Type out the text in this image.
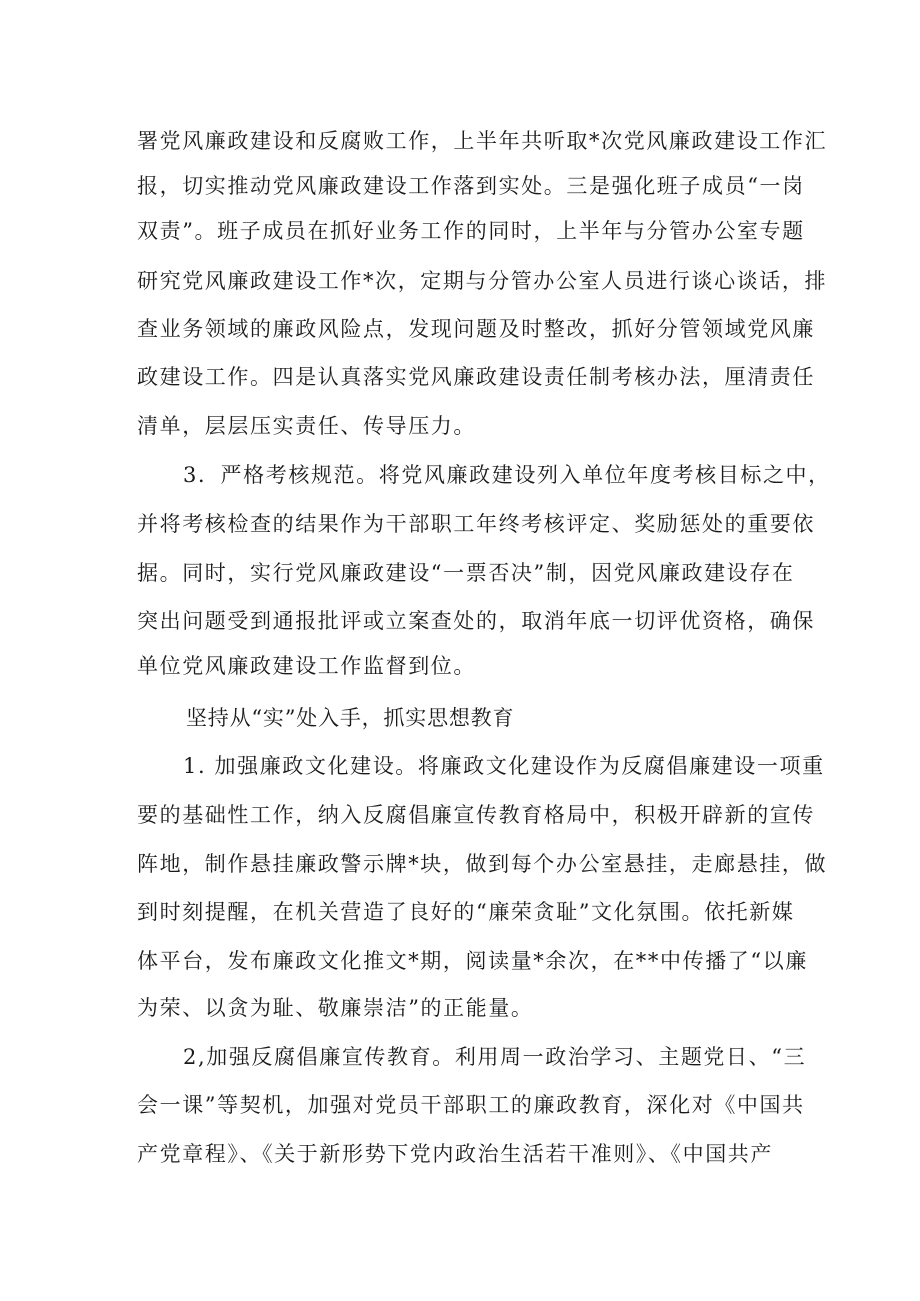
署党风廉政建设和反腐败工作，上半年共听取*次党风廉政建设工作汇
报，切实推动党风廉政建设工作落到实处。三是强化班子成员“一岗
双责”。班子成员在抓好业务工作的同时，上半年与分管办公室专题
研究党风廉政建设工作*次，定期与分管办公室人员进行谈心谈话，排
查业务领域的廉政风险点，发现问题及时整改，抓好分管领域党风廉
政建设工作。四是认真落实党风廉政建设责任制考核办法，厘清责任
清单，层层压实责任、传导压力。
3．严格考核规范。将党风廉政建设列入单位年度考核目标之中，
并将考核检查的结果作为干部职工年终考核评定、奖励惩处的重要依
据。同时，实行党风廉政建设“一票否决”制，因党风廉政建设存在
突出问题受到通报批评或立案查处的，取消年底一切评优资格，确保
单位党风廉政建设工作监督到位。
坚持从“实”处入手，抓实思想教育
1. 加强廉政文化建设。将廉政文化建设作为反腐倡廉建设一项重
要的基础性工作，纳入反腐倡廉宣传教育格局中，积极开辟新的宣传
阵地，制作悬挂廉政警示牌*块，做到每个办公室悬挂，走廊悬挂，做
到时刻提醒，在机关营造了良好的“廉荣贪耻”文化氛围。依托新媒
体平台，发布廉政文化推文*期，阅读量*余次，在**中传播了“以廉
为荣、以贪为耻、敬廉崇洁”的正能量。
2,加强反腐倡廉宣传教育。利用周一政治学习、主题党日、“三
会一课”等契机，加强对党员干部职工的廉政教育，深化对《中国共
产党章程》、《关于新形势下党内政治生活若干准则》、《中国共产
